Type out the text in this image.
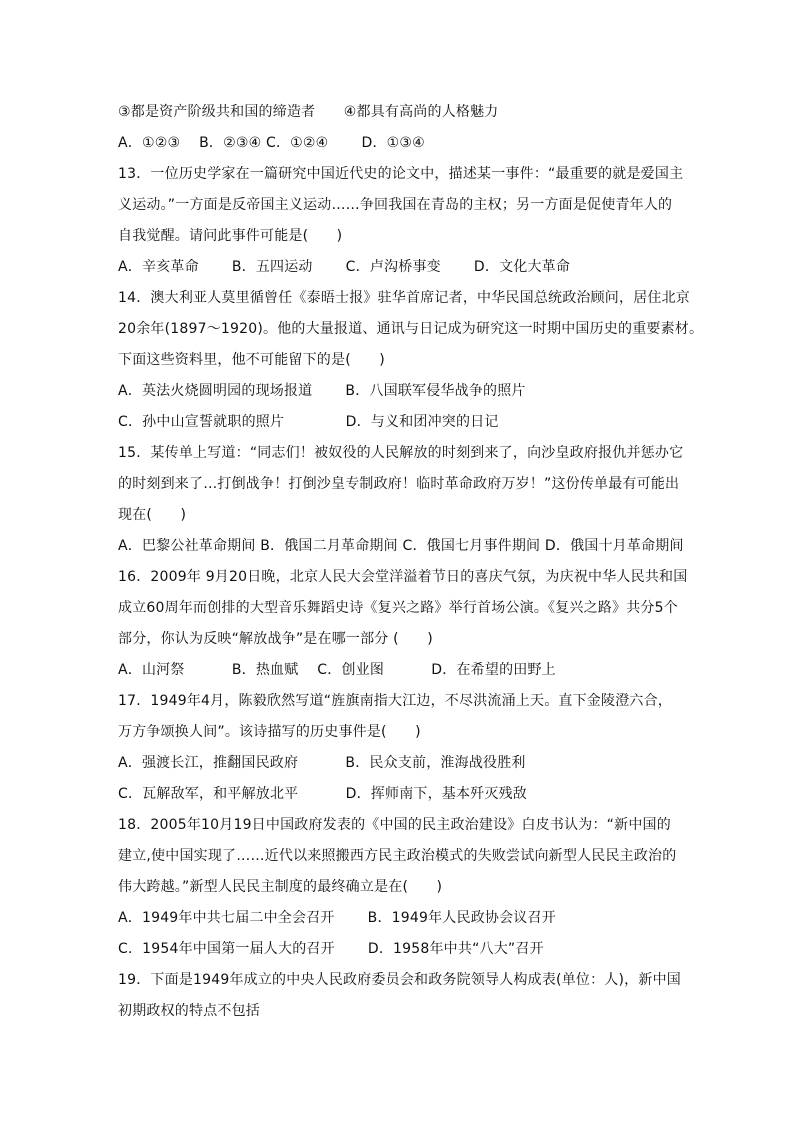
③都是资产阶级共和国的缔造者　　④都具有高尚的人格魅力
A．①②③　 B．②③④ C．①②④　　 D．①③④
13．一位历史学家在一篇研究中国近代史的论文中，描述某一事件：“最重要的就是爱国主
义运动。”一方面是反帝国主义运动……争回我国在青岛的主权；另一方面是促使青年人的
自我觉醒。请问此事件可能是(　　)
A．辛亥革命　　 B．五四运动　　 C．卢沟桥事变　　 D．文化大革命
14．澳大利亚人莫里循曾任《泰晤士报》驻华首席记者，中华民国总统政治顾问，居住北京
20余年(1897～1920)。他的大量报道、通讯与日记成为研究这一时期中国历史的重要素材。
下面这些资料里，他不可能留下的是(　　)
A．英法火烧圆明园的现场报道　　 B．八国联军侵华战争的照片
C．孙中山宣誓就职的照片　　　　 D．与义和团冲突的日记
15．某传单上写道：“同志们！被奴役的人民解放的时刻到来了，向沙皇政府报仇并惩办它
的时刻到来了…打倒战争！打倒沙皇专制政府！临时革命政府万岁！”这份传单最有可能出
现在(　　)
A．巴黎公社革命期间 B．俄国二月革命期间 C．俄国七月事件期间 D．俄国十月革命期间
16．2009年 9月20日晚，北京人民大会堂洋溢着节日的喜庆气氛，为庆祝中华人民共和国
成立60周年而创排的大型音乐舞蹈史诗《复兴之路》举行首场公演。《复兴之路》共分5个
部分，你认为反映“解放战争”是在哪一部分 (　　)
A．山河祭　　　 B．热血赋　 C．创业图　　　 D．在希望的田野上
17．1949年4月，陈毅欣然写道“旌旗南指大江边，不尽洪流涌上天。直下金陵澄六合，
万方争颂换人间”。该诗描写的历史事件是(　　)
A．强渡长江，推翻国民政府　　　 B．民众支前，淮海战役胜利
C．瓦解敌军，和平解放北平　　　 D．挥师南下，基本歼灭残敌
18．2005年10月19日中国政府发表的《中国的民主政治建设》白皮书认为：“新中国的
建立,使中国实现了……近代以来照搬西方民主政治模式的失败尝试向新型人民民主政治的
伟大跨越。”新型人民民主制度的最终确立是在(　　)
A．1949年中共七届二中全会召开　　 B．1949年人民政协会议召开
C．1954年中国第一届人大的召开　　 D．1958年中共“八大”召开
19．下面是1949年成立的中央人民政府委员会和政务院领导人构成表(单位：人)，新中国
初期政权的特点不包括
